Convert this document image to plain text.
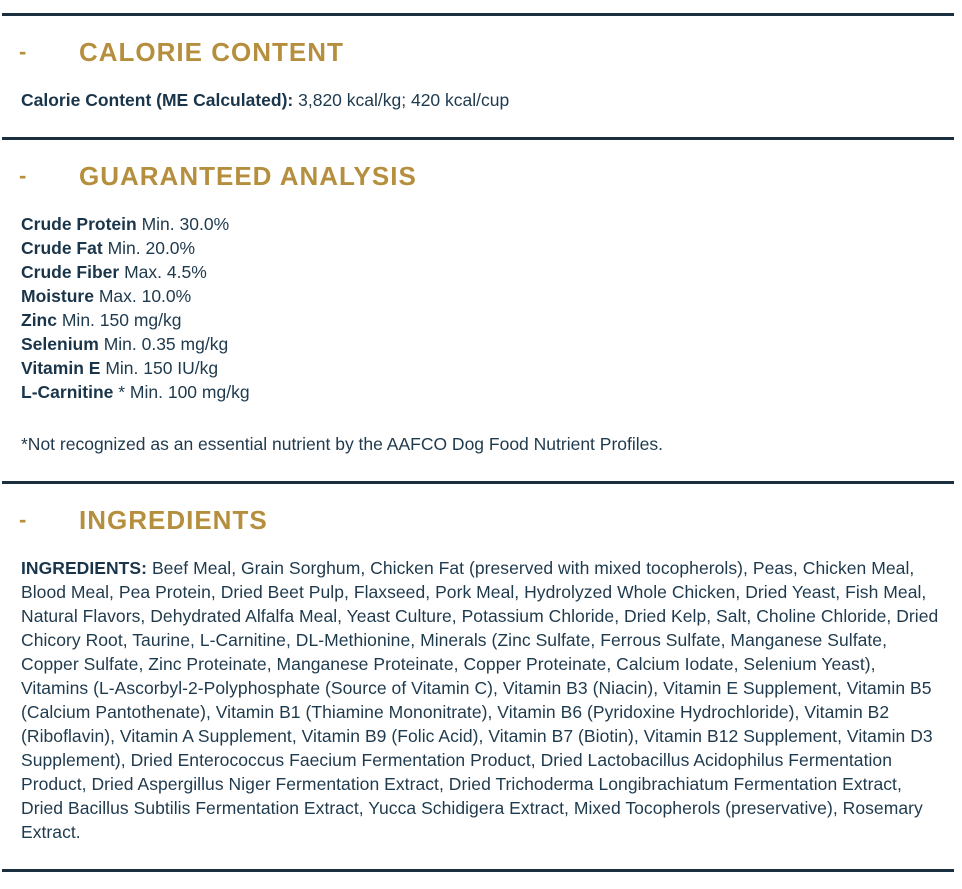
-	CALORIE CONTENT
Calorie Content (ME Calculated): 3,820 kcal/kg; 420 kcal/cup
-	GUARANTEED ANALYSIS
Crude Protein Min. 30.0%
Crude Fat Min. 20.0%
Crude Fiber Max. 4.5%
Moisture Max. 10.0%
Zinc Min. 150 mg/kg
Selenium Min. 0.35 mg/kg
Vitamin E Min. 150 IU/kg
L-Carnitine * Min. 100 mg/kg
*Not recognized as an essential nutrient by the AAFCO Dog Food Nutrient Profiles.
-	INGREDIENTS
INGREDIENTS: Beef Meal, Grain Sorghum, Chicken Fat (preserved with mixed tocopherols), Peas, Chicken Meal, Blood Meal, Pea Protein, Dried Beet Pulp, Flaxseed, Pork Meal, Hydrolyzed Whole Chicken, Dried Yeast, Fish Meal, Natural Flavors, Dehydrated Alfalfa Meal, Yeast Culture, Potassium Chloride, Dried Kelp, Salt, Choline Chloride, Dried Chicory Root, Taurine, L-Carnitine, DL-Methionine, Minerals (Zinc Sulfate, Ferrous Sulfate, Manganese Sulfate, Copper Sulfate, Zinc Proteinate, Manganese Proteinate, Copper Proteinate, Calcium Iodate, Selenium Yeast), Vitamins (L-Ascorbyl-2-Polyphosphate (Source of Vitamin C), Vitamin B3 (Niacin), Vitamin E Supplement, Vitamin B5 (Calcium Pantothenate), Vitamin B1 (Thiamine Mononitrate), Vitamin B6 (Pyridoxine Hydrochloride), Vitamin B2 (Riboflavin), Vitamin A Supplement, Vitamin B9 (Folic Acid), Vitamin B7 (Biotin), Vitamin B12 Supplement, Vitamin D3 Supplement), Dried Enterococcus Faecium Fermentation Product, Dried Lactobacillus Acidophilus Fermentation Product, Dried Aspergillus Niger Fermentation Extract, Dried Trichoderma Longibrachiatum Fermentation Extract, Dried Bacillus Subtilis Fermentation Extract, Yucca Schidigera Extract, Mixed Tocopherols (preservative), Rosemary Extract.
